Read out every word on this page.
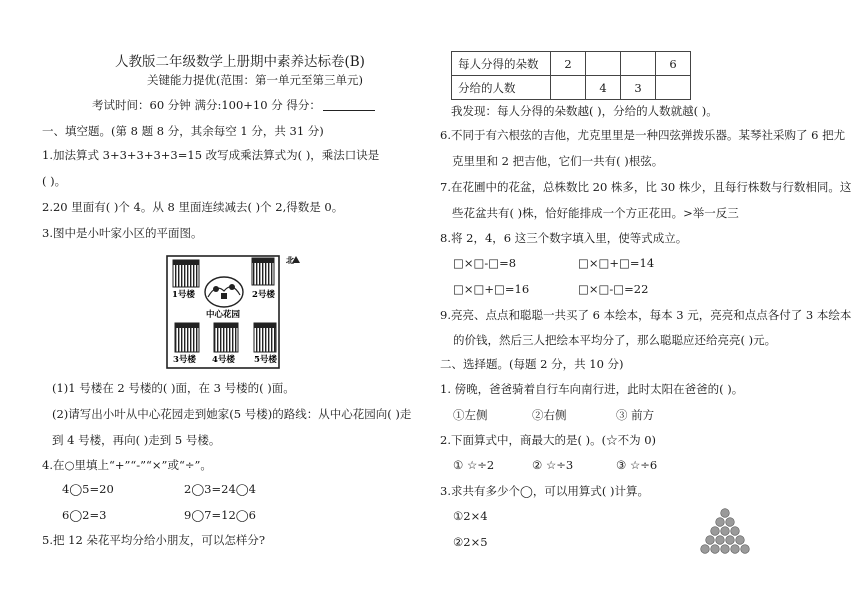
人教版二年级数学上册期中素养达标卷(B)
关键能力提优(范围：第一单元至第三单元)
考试时间：60 分钟 满分:100+10 分 得分：
一、填空题。(第 8 题 8 分，其余每空 1 分，共 31 分)
1.加法算式 3+3+3+3+3=15 改写成乘法算式为( )，乘法口诀是
( )。
2.20 里面有( )个 4。从 8 里面连续减去( )个 2,得数是 0。
3.图中是小叶家小区的平面图。
1号楼	2号楼
中心花园
3号楼 4号楼 5号楼
北
(1)1 号楼在 2 号楼的( )面，在 3 号楼的( )面。
(2)请写出小叶从中心花园走到她家(5 号楼)的路线：从中心花园向( )走
到 4 号楼，再向( )走到 5 号楼。
4.在○里填上“+”“-”“×”或“÷”。
4◯5=20	2◯3=24◯4
6◯2=3	9◯7=12◯6
5.把 12 朵花平均分给小朋友，可以怎样分?
每人分得的朵数	2			6
分给的人数		4	3	
我发现：每人分得的朵数越( )，分给的人数就越( )。
6.不同于有六根弦的吉他，尤克里里是一种四弦弹拨乐器。某琴社采购了 6 把尤
克里里和 2 把吉他，它们一共有( )根弦。
7.在花圃中的花盆，总株数比 20 株多，比 30 株少，且每行株数与行数相同。这
些花盆共有( )株，恰好能排成一个方正花田。>举一反三
8.将 2，4，6 这三个数字填入里，使等式成立。
□×□-□=8	□×□+□=14
□×□+□=16	□×□-□=22
9.亮亮、点点和聪聪一共买了 6 本绘本，每本 3 元，亮亮和点点各付了 3 本绘本
的价钱，然后三人把绘本平均分了，那么聪聪应还给亮亮( )元。
二、选择题。(每题 2 分，共 10 分)
1. 傍晚，爸爸骑着自行车向南行进，此时太阳在爸爸的( )。
①左侧	②右侧	③ 前方
2.下面算式中，商最大的是( )。(☆不为 0)
① ☆÷2	② ☆÷3	③ ☆÷6
3.求共有多少个◯，可以用算式( )计算。
①2×4
②2×5
